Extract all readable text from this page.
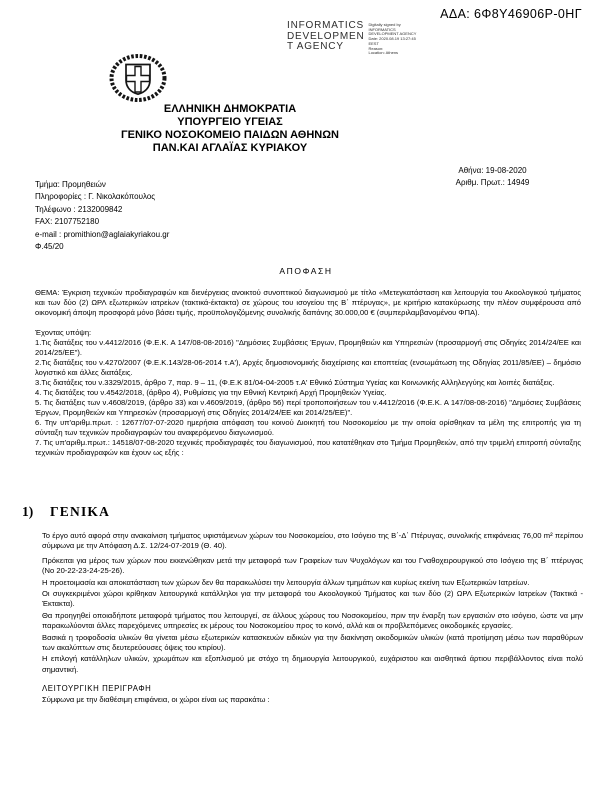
ΑΔΑ: 6Φ8Υ46906Ρ-0ΗΓ
INFORMATICS
DEVELOPMEN
T AGENCY
Digitally signed by
INFORMATICS
DEVELOPMENT AGENCY
Date: 2020.08.19 13:27:45
EEST
Reason:
Location: Athens
ΕΛΛΗΝΙΚΗ ΔΗΜΟΚΡΑΤΙΑ
ΥΠΟΥΡΓΕΙΟ ΥΓΕΙΑΣ
ΓΕΝΙΚΟ ΝΟΣΟΚΟΜΕΙΟ ΠΑΙΔΩΝ ΑΘΗΝΩΝ
ΠΑΝ.ΚΑΙ ΑΓΛΑΪΑΣ ΚΥΡΙΑΚΟΥ
Αθήνα: 19-08-2020
Αριθμ. Πρωτ.: 14949
Τμήμα: Προμηθειών
Πληροφορίες : Γ. Νικολακόπουλος
Τηλέφωνο : 2132009842
FAX: 2107752180
e-mail : promithion@aglaiakyriakou.gr
Φ.45/20
ΑΠΟΦΑΣΗ

ΘΕΜΑ: Έγκριση τεχνικών προδιαγραφών και διενέργειας ανοικτού συνοπτικού διαγωνισμού με τίτλο «Μετεγκατάσταση και λειτουργία του Ακοολογικού τμήματος και των δύο (2) ΩΡΛ εξωτερικών ιατρείων (τακτικά-έκτακτα) σε χώρους του ισογείου της Β΄ πτέρυγας», με κριτήριο κατακύρωσης την πλέον συμφέρουσα από οικονομική άποψη προσφορά μόνο βάσει τιμής, προϋπολογιζόμενης συνολικής δαπάνης 30.000,00 € (συμπεριλαμβανομένου ΦΠΑ).

Έχοντας υπόψη:

1.Τις διατάξεις του ν.4412/2016 (Φ.Ε.Κ. Α 147/08-08-2016) "Δημόσιες Συμβάσεις Έργων, Προμηθειών και Υπηρεσιών (προσαρμογή στις Οδηγίες 2014/24/ΕΕ και 2014/25/ΕΕ").

2.Τις διατάξεις του ν.4270/2007 (Φ.Ε.Κ.143/28-06-2014 τ.Α'), Αρχές δημοσιονομικής διαχείρισης και εποπτείας (ενσωμάτωση της Οδηγίας 2011/85/ΕΕ) – δημόσιο λογιστικό και άλλες διατάξεις.

3.Τις διατάξεις του ν.3329/2015, άρθρο 7, παρ. 9 – 11, (Φ.Ε.Κ 81/04-04-2005 τ.Α' Εθνικό Σύστημα Υγείας και Κοινωνικής Αλληλεγγύης και λοιπές διατάξεις.

4. Τις διατάξεις του ν.4542/2018, (άρθρο 4), Ρυθμίσεις για την Εθνική Κεντρική Αρχή Προμηθειών Υγείας.

5. Τις διατάξεις των ν.4608/2019, (άρθρο 33) και ν.4609/2019, (άρθρο 56) περί τροποποιήσεων του ν.4412/2016 (Φ.Ε.Κ. Α 147/08-08-2016) "Δημόσιες Συμβάσεις Έργων, Προμηθειών και Υπηρεσιών (προσαρμογή στις Οδηγίες 2014/24/ΕΕ και 2014/25/ΕΕ)".

6. Την υπ'αριθμ.πρωτ. : 12677/07-07-2020 ημερήσια απόφαση του κοινού Διοικητή του Νοσοκομείου με την οποία ορίσθηκαν τα μέλη της επιτροπής για τη σύνταξη των τεχνικών προδιαγραφών του αναφερόμενου διαγωνισμού.

7. Τις υπ'αριθμ.πρωτ.: 14518/07-08-2020 τεχνικές προδιαγραφές του διαγωνισμού, που κατατέθηκαν στο Τμήμα Προμηθειών, από την τριμελή επιτροπή σύνταξης τεχνικών προδιαγραφών και έχουν ως εξής :

1)	ΓΕΝΙΚΑ

Το έργο αυτό αφορά στην ανακαίνιση τμήματος υφιστάμενων χώρων του Νοσοκομείου, στο Ισόγειο της Β΄-Δ΄ Πτέρυγας, συνολικής επιφάνειας 76,00 m² περίπου σύμφωνα με την Απόφαση Δ.Σ. 12/24-07-2019 (Θ. 40).

Πρόκειται για μέρος των χώρων που εκκενώθηκαν μετά την μεταφορά των Γραφείων των Ψυχολόγων και του Γναθοχειρουργικού στο Ισόγειο της Β΄ πτέρυγας (Νο 20-22-23-24-25-26).

Η προετοιμασία και αποκατάσταση των χώρων δεν θα παρακωλύσει την λειτουργία άλλων τμημάτων και κυρίως εκείνη των Εξωτερικών Ιατρείων.

Οι συγκεκριμένοι χώροι κρίθηκαν λειτουργικά κατάλληλοι για την μεταφορά του Ακοολογικού Τμήματος και των δύο (2) ΩΡΛ Εξωτερικών Ιατρείων (Τακτικά - Έκτακτα).

Θα προηγηθεί οποιαδήποτε μεταφορά τμήματος που λειτουργεί, σε άλλους χώρους του Νοσοκομείου, πριν την έναρξη των εργασιών στο ισόγειο, ώστε να μην παρακωλύονται άλλες παρεχόμενες υπηρεσίες εκ μέρους του Νοσοκομείου προς το κοινό, αλλά και οι προβλεπόμενες οικοδομικές εργασίες.

Βασικά η τροφοδοσία υλικών θα γίνεται μέσω εξωτερικών κατασκευών ειδικών για την διακίνηση οικοδομικών υλικών (κατά προτίμηση μέσω των παραθύρων των ακαλύπτων στις δευτερεύουσες όψεις του κτιρίου).

Η επιλογή κατάλληλων υλικών, χρωμάτων και εξοπλισμού με στόχο τη δημιουργία λειτουργικού, ευχάριστου και αισθητικά άρτιου περιβάλλοντος είναι πολύ σημαντική.

ΛΕΙΤΟΥΡΓΙΚΗ ΠΕΡΙΓΡΑΦΗ
Σύμφωνα με την διαθέσιμη επιφάνεια, οι χώροι είναι ως παρακάτω :
